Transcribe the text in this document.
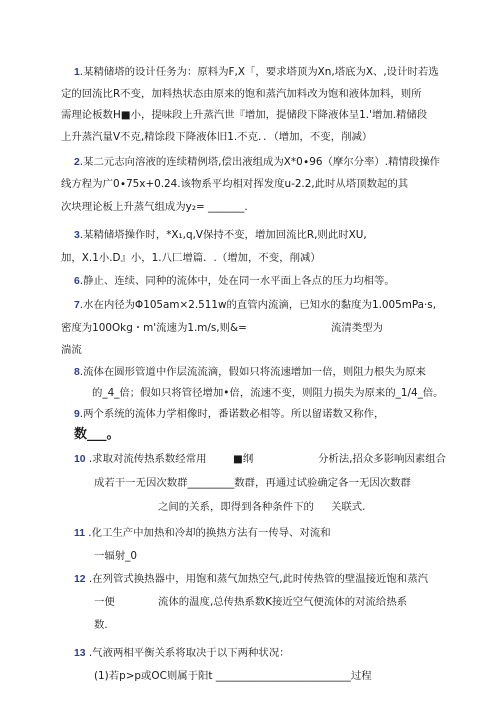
1.某精储塔的设计任务为：原料为F,X「，要求塔顶为Xn,塔底为X、,设计时若选
定的回流比R不变，加料热状态由原来的饱和蒸汽加料改为饱和液体加料，则所
需理论板数H■小，提味段上升蒸汽世『增加，提储段下降液体呈1.'增加.精储段
上升蒸汽量V不克,精馀段下降液体旧1.不克．．（增加，不变，削减）
2.某二元志向溶液的连续精例塔,偿出液组成为X*0∙96（摩尔分率）.精情段操作
线方程为广0∙75x+0.24.该物系平均相对挥发度u-2.2,此时从塔顶数起的其
次块理论板上升蒸气组成为y₂= _______.
3.某精储塔操作时，*X₁,q,V保持不变，增加回流比R,则此时XU,
加，X.1小.D』小，1.八匚增篇．.（增加，不变，削减）
6.静止、连续、同种的流体中，处在同一水平面上各点的压力均相等。
7.水在内径为Φ105am×2.511w的直管内流滴，已知水的黏度为1.005mPa·s,
密度为100Okg・m'流速为1.m/s,则&=	流清类型为
湍流
8.流体在圆形管道中作层流流滴，假如只将流速增加一倍，则阻力根失为原来
的_4_倍；假如只将管径增加•倍，流速不变，则阻力损失为原来的_1/4_倍。
9.两个系统的流体力学相像时，番诺数必相等。所以留诺数又称作，
数___。
10 .求取对流传热系数经常用	■纲	分析法,招众多影响因素组合
成若干一无因次数群_________数群，再通过试验确定各一无因次数群
之间的关系，即得到各种条件下的 关联式.
11 .化工生产中加热和冷却的换热方法有一传导、对流和
一辐射_0
12 .在列管式换热器中，用饱和蒸气加热空气,此时传热管的壁温接近饱和蒸汽
一便	流体的温度,总传热系数K接近空气便流体的对流给热系
数.
13 .气液两相平衡关系将取决于以下两种状况：
(1)若p>p或OC则属于阳t __________________________过程
